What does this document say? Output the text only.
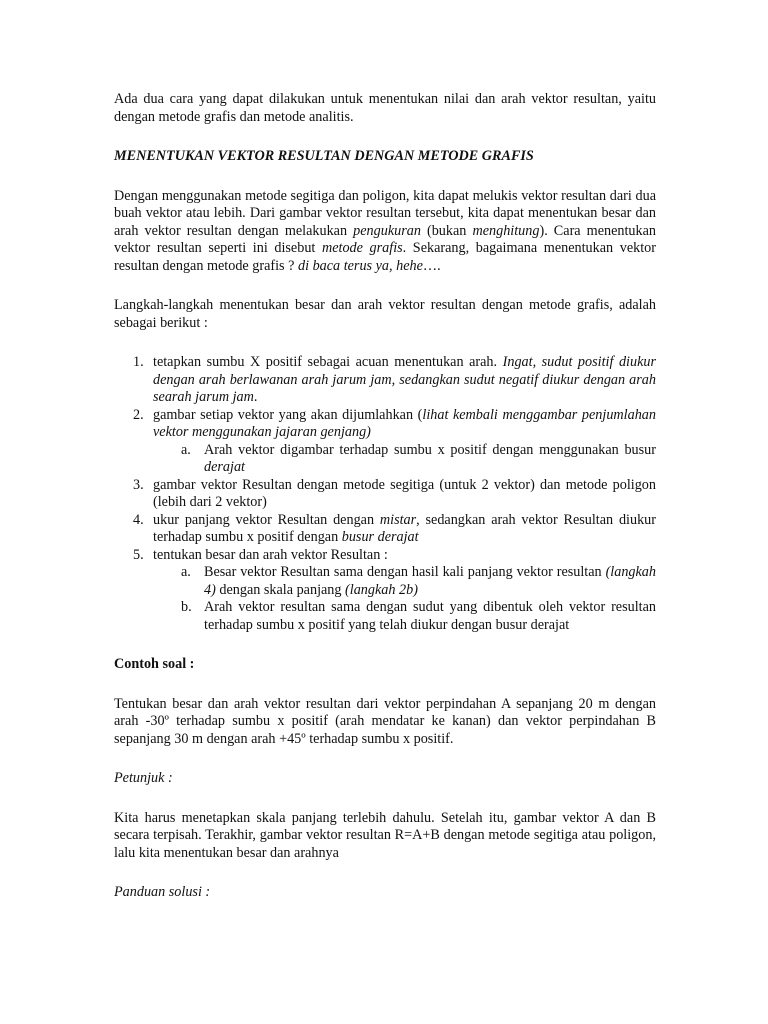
Ada dua cara yang dapat dilakukan untuk menentukan nilai dan arah vektor resultan, yaitu dengan metode grafis dan metode analitis.

MENENTUKAN VEKTOR RESULTAN DENGAN METODE GRAFIS

Dengan menggunakan metode segitiga dan poligon, kita dapat melukis vektor resultan dari dua buah vektor atau lebih. Dari gambar vektor resultan tersebut, kita dapat menentukan besar dan arah vektor resultan dengan melakukan pengukuran (bukan menghitung). Cara menentukan vektor resultan seperti ini disebut metode grafis. Sekarang, bagaimana menentukan vektor resultan dengan metode grafis ? di baca terus ya, hehe….

Langkah-langkah menentukan besar dan arah vektor resultan dengan metode grafis, adalah sebagai berikut :

1. tetapkan sumbu X positif sebagai acuan menentukan arah. Ingat, sudut positif diukur dengan arah berlawanan arah jarum jam, sedangkan sudut negatif diukur dengan arah searah jarum jam.
2. gambar setiap vektor yang akan dijumlahkan (lihat kembali menggambar penjumlahan vektor menggunakan jajaran genjang)
a. Arah vektor digambar terhadap sumbu x positif dengan menggunakan busur derajat
3. gambar vektor Resultan dengan metode segitiga (untuk 2 vektor) dan metode poligon (lebih dari 2 vektor)
4. ukur panjang vektor Resultan dengan mistar, sedangkan arah vektor Resultan diukur terhadap sumbu x positif dengan busur derajat
5. tentukan besar dan arah vektor Resultan :
a. Besar vektor Resultan sama dengan hasil kali panjang vektor resultan (langkah 4) dengan skala panjang (langkah 2b)
b. Arah vektor resultan sama dengan sudut yang dibentuk oleh vektor resultan terhadap sumbu x positif yang telah diukur dengan busur derajat

Contoh soal :

Tentukan besar dan arah vektor resultan dari vektor perpindahan A sepanjang 20 m dengan arah -30º terhadap sumbu x positif (arah mendatar ke kanan) dan vektor perpindahan B sepanjang 30 m dengan arah +45º terhadap sumbu x positif.

Petunjuk :

Kita harus menetapkan skala panjang terlebih dahulu. Setelah itu, gambar vektor A dan B secara terpisah. Terakhir, gambar vektor resultan R=A+B dengan metode segitiga atau poligon, lalu kita menentukan besar dan arahnya

Panduan solusi :
